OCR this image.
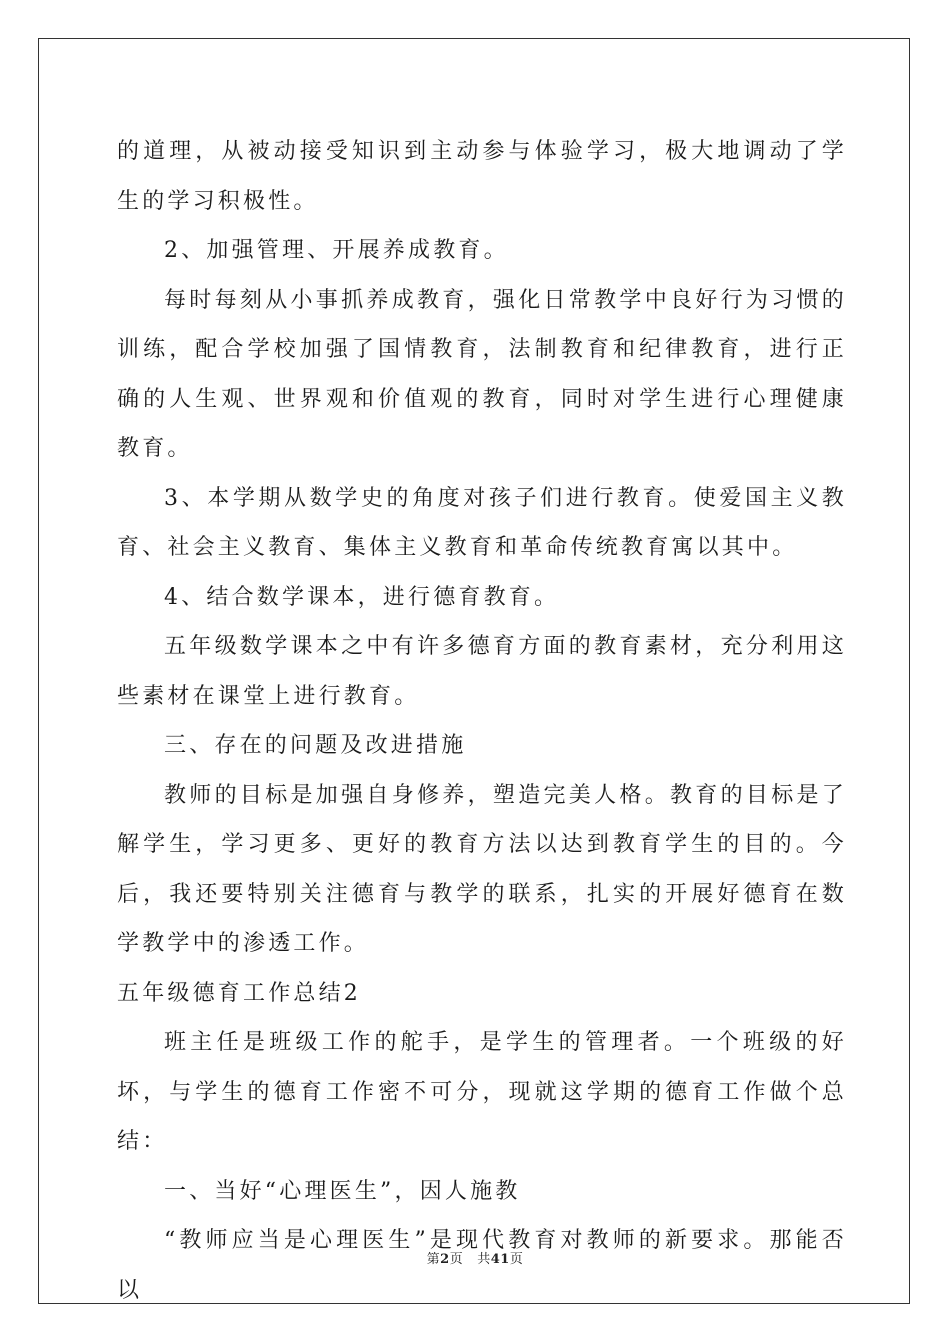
的道理，从被动接受知识到主动参与体验学习，极大地调动了学生的学习积极性。

2、加强管理、开展养成教育。

每时每刻从小事抓养成教育，强化日常教学中良好行为习惯的训练，配合学校加强了国情教育，法制教育和纪律教育，进行正确的人生观、世界观和价值观的教育，同时对学生进行心理健康教育。

3、本学期从数学史的角度对孩子们进行教育。使爱国主义教育、社会主义教育、集体主义教育和革命传统教育寓以其中。

4、结合数学课本，进行德育教育。

五年级数学课本之中有许多德育方面的教育素材，充分利用这些素材在课堂上进行教育。

三、存在的问题及改进措施

教师的目标是加强自身修养，塑造完美人格。教育的目标是了解学生，学习更多、更好的教育方法以达到教育学生的目的。今后，我还要特别关注德育与教学的联系，扎实的开展好德育在数学教学中的渗透工作。

五年级德育工作总结2

班主任是班级工作的舵手，是学生的管理者。一个班级的好坏，与学生的德育工作密不可分，现就这学期的德育工作做个总结：

一、当好“心理医生”，因人施教

“教师应当是心理医生”是现代教育对教师的新要求。那能否以

第2页 共41页
